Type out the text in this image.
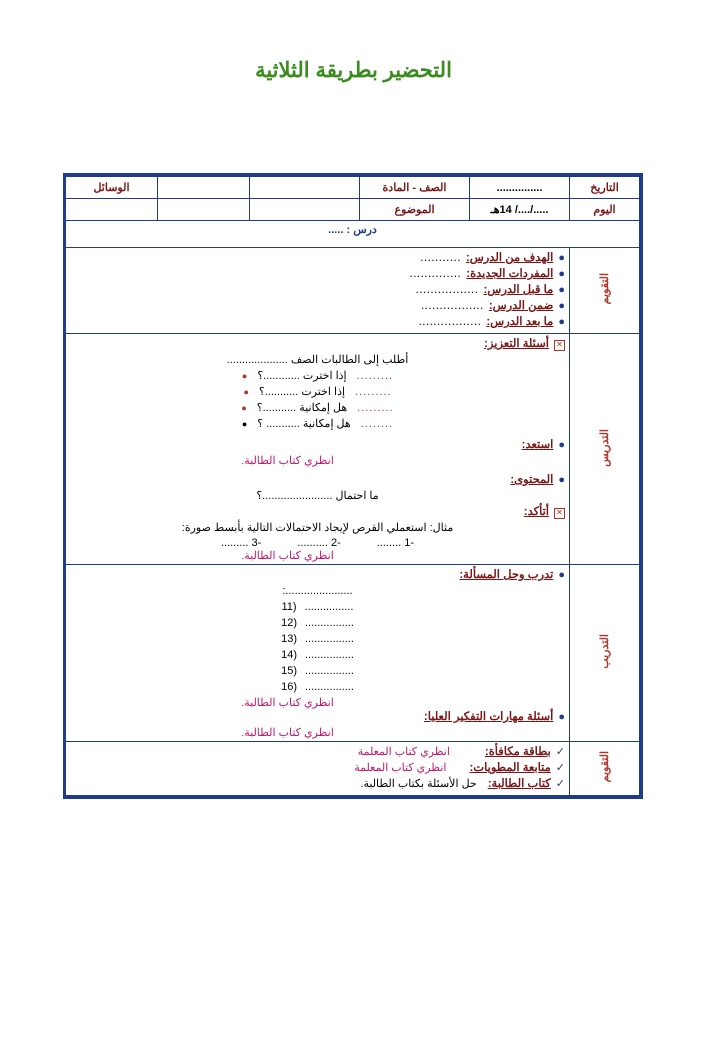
التحضير بطريقة الثلاثية
التاريخ	...............	الصف - المادة			الوسائل
اليوم	...../..../ 14هـ	الموضوع			
درس : .....					
التقويم	
●
الهدف من الدرس:
...........
●
المفردات الجديدة:
..............
●
ما قبل الدرس:
.................
●
ضمن الدرس:
.................
●
ما بعد الدرس:
.................

التدريس	
✕
أسئلة التعزيز:
أطلب إلى الطالبات الصف ....................
.........
إذا اخترت ............؟
●
.........
إذا اخترت ...........؟
●
.........
هل إمكانية ...........؟
●
........
هل إمكانية ........... ؟
●
●
استعد:
انظري كتاب الطالبة.
●
المحتوى:
ما احتمال .......................؟
✕
أتأكد:
مثال: استعملي القرص لإيجاد الاحتمالات التالية بأبسط صورة:
-1 ........
-2 ..........
-3 .........
انظري كتاب الطالبة.

التدريب	
●
تدرب وحل المسألة:
......................:
................
(11
................
(12
................
(13
................
(14
................
(15
................
(16
انظري كتاب الطالبة.
●
أسئلة مهارات التفكير العليا:
انظري كتاب الطالبة.

التقويم	
✓
بطاقة مكافأة:
انظري كتاب المعلمة
✓
متابعة المطويات:
انظري كتاب المعلمة
✓
كتاب الطالبة:
حل الأسئلة بكتاب الطالبة.
